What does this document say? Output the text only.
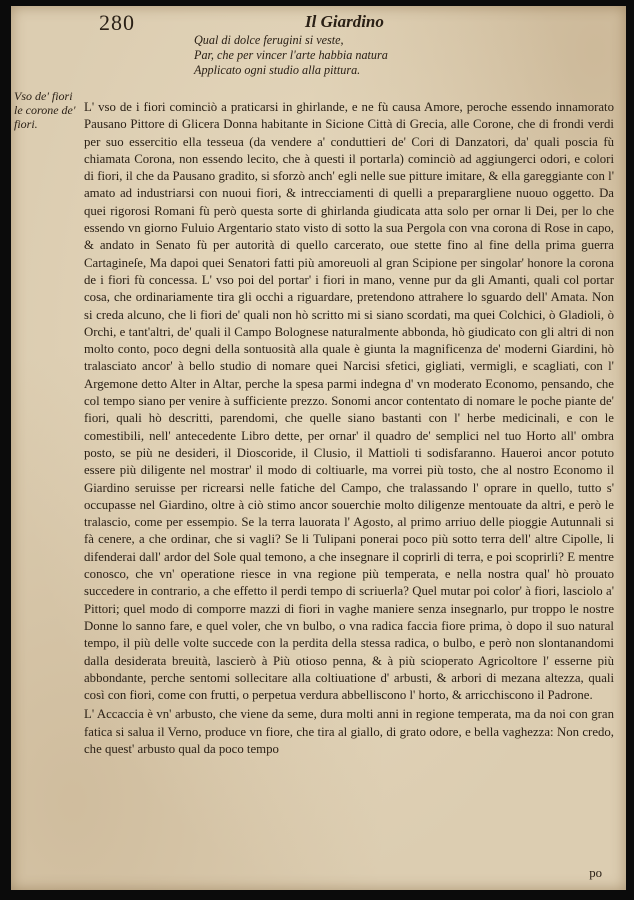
280	Il Giardino
Qual di dolce ferugini si veste,
Par, che per vincer l'arte habbia natura
Applicato ogni studio alla pittura.
Vso de' fiori le corone de' fiori.

L' vso de i fiori cominciò a praticarsi in ghirlande, e ne fù causa Amore, peroche essendo innamorato Pausano Pittore di Glicera Donna habitante in Sicione Città di Grecia, alle Corone, che di frondi verdi per suo essercitio ella tesseua (da vendere a' conduttieri de' Cori di Danzatori, da' quali poscia fù chiamata Corona, non essendo lecito, che à questi il portarla) cominciò ad aggiungerci odori, e colori di fiori, il che da Pausano gradito, si sforzò anch' egli nelle sue pitture imitare, & ella gareggiante con l' amato ad industriarsi con nuoui fiori, & intrecciamenti di quelli a preparargliene nuouo oggetto. Da quei rigorosi Romani fù però questa sorte di ghirlanda giudicata atta solo per ornar li Dei, per lo che essendo vn giorno Fuluio Argentario stato visto di sotto la sua Pergola con vna corona di Rose in capo, & andato in Senato fù per autorità di quello carcerato, oue stette fino al fine della prima guerra Cartagineſe, Ma dapoi quei Senatori fatti più amoreuoli al gran Scipione per singolar' honore la corona de i fiori fù concessa. L' vso poi del portar' i fiori in mano, venne pur da gli Amanti, quali col portar cosa, che ordinariamente tira gli occhi a riguardare, pretendono attrahere lo sguardo dell' Amata. Non si creda alcuno, che li fiori de' quali non hò scritto mi si siano scordati, ma quei Colchici, ò Gladioli, ò Orchi, e tant'altri, de' quali il Campo Bolognese naturalmente abbonda, hò giudicato con gli altri di non molto conto, poco degni della sontuosità alla quale è giunta la magnificenza de' moderni Giardini, hò tralasciato ancor' à bello studio di nomare quei Narcisi sfetici, gigliati, vermigli, e scagliati, con l' Argemone detto Alter in Altar, perche la spesa parmi indegna d' vn moderato Economo, pensando, che col tempo siano per venire à sufficiente prezzo. Sonomi ancor contentato di nomare le poche piante de' fiori, quali hò descritti, parendomi, che quelle siano bastanti con l' herbe medicinali, e con le comestibili, nell' antecedente Libro dette, per ornar' il quadro de' semplici nel tuo Horto all' ombra posto, se più ne desideri, il Dioscoride, il Clusio, il Mattioli ti sodisfaranno. Haueroi ancor potuto essere più diligente nel mostrar' il modo di coltiuarle, ma vorrei più tosto, che al nostro Economo il Giardino seruisse per ricrearsi nelle fatiche del Campo, che tralassando l' oprare in quello, tutto s' occupasse nel Giardino, oltre à ciò stimo ancor souerchie molto diligenze mentouate da altri, e però le tralascio, come per essempio. Se la terra lauorata l' Agosto, al primo arriuo delle pioggie Autunnali si fà cenere, a che ordinar, che si vagli? Se li Tulipani ponerai poco più sotto terra dell' altre Cipolle, li difenderai dall' ardor del Sole qual temono, a che insegnare il coprirli di terra, e poi scoprirli? E mentre conosco, che vn' operatione riesce in vna regione più temperata, e nella nostra qual' hò prouato succedere in contrario, a che effetto il perdi tempo di scriuerla? Quel mutar poi color' à fiori, lasciolo a' Pittori; quel modo di comporre mazzi di fiori in vaghe maniere senza insegnarlo, pur troppo le nostre Donne lo sanno fare, e quel voler, che vn bulbo, o vna radica faccia fiore prima, ò dopo il suo natural tempo, il più delle volte succede con la perdita della stessa radica, o bulbo, e però non slontanandomi dalla desiderata breuità, lascierò à Più otioso penna, & à più scioperato Agricoltore l' esserne più abbondante, perche sentomi sollecitare alla coltiuatione d' arbusti, & arbori di mezana altezza, quali così con fiori, come con frutti, o perpetua verdura abbelliscono l' horto, & arricchiscono il Padrone.

L' Accaccia è vn' arbusto, che viene da seme, dura molti anni in regione temperata, ma da noi con gran fatica si salua il Verno, produce vn fiore, che tira al giallo, di grato odore, e bella vaghezza: Non credo, che quest' arbusto qual da poco tempo

po
